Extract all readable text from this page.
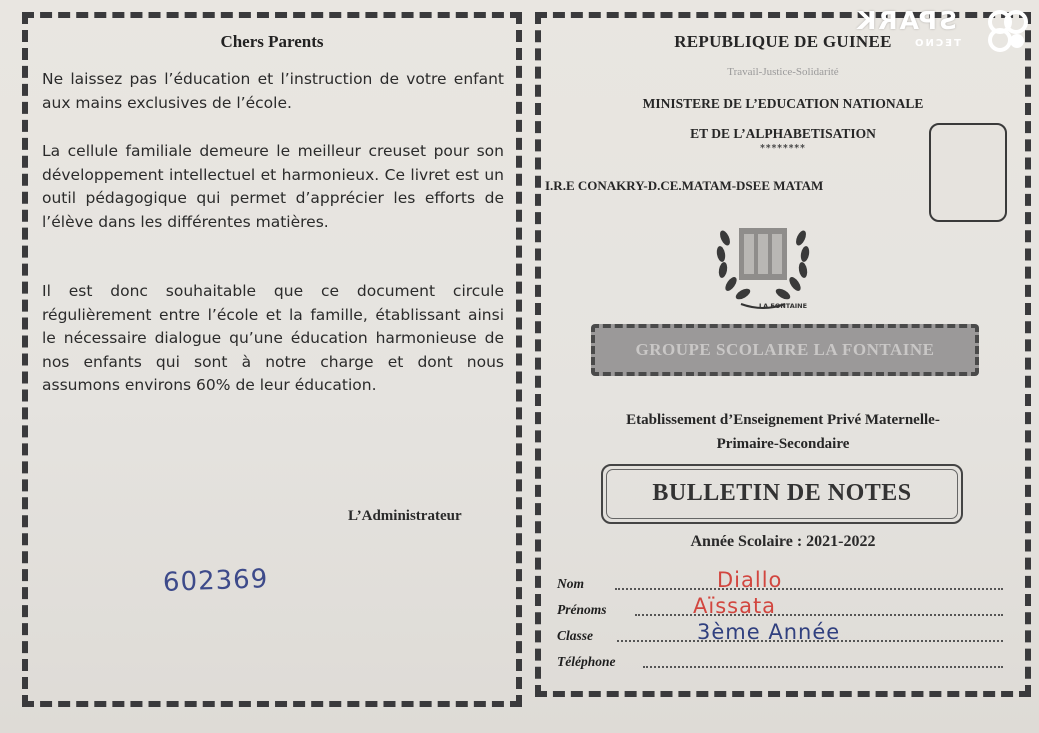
Chers Parents
Ne laissez pas l’éducation et l’instruction de votre enfant aux mains exclusives de l’école.
La cellule familiale demeure le meilleur creuset pour son développement intellectuel et harmonieux. Ce livret est un outil pédagogique qui permet d’apprécier les efforts de l’élève dans les différentes matières.
Il est donc souhaitable que ce document circule régulièrement entre l’école et la famille, établissant ainsi le nécessaire dialogue qu’une éducation harmonieuse de nos enfants qui sont à notre charge et dont nous assumons environs 60% de leur éducation.
L’Administrateur
602369
REPUBLIQUE DE GUINEE
Travail-Justice-Solidarité
MINISTERE DE L’EDUCATION NATIONALE
ET DE L’ALPHABETISATION
********
I.R.E CONAKRY-D.CE.MATAM-DSEE MATAM
LA FONTAINE
GROUPE SCOLAIRE LA FONTAINE
Etablissement d’Enseignement Privé Maternelle-
Primaire-Secondaire
BULLETIN DE NOTES
Année Scolaire : 2021-2022
Nom	Diallo
Prénoms	Aïssata
Classe	3ème Année
Téléphone
SPARK
TECNO
